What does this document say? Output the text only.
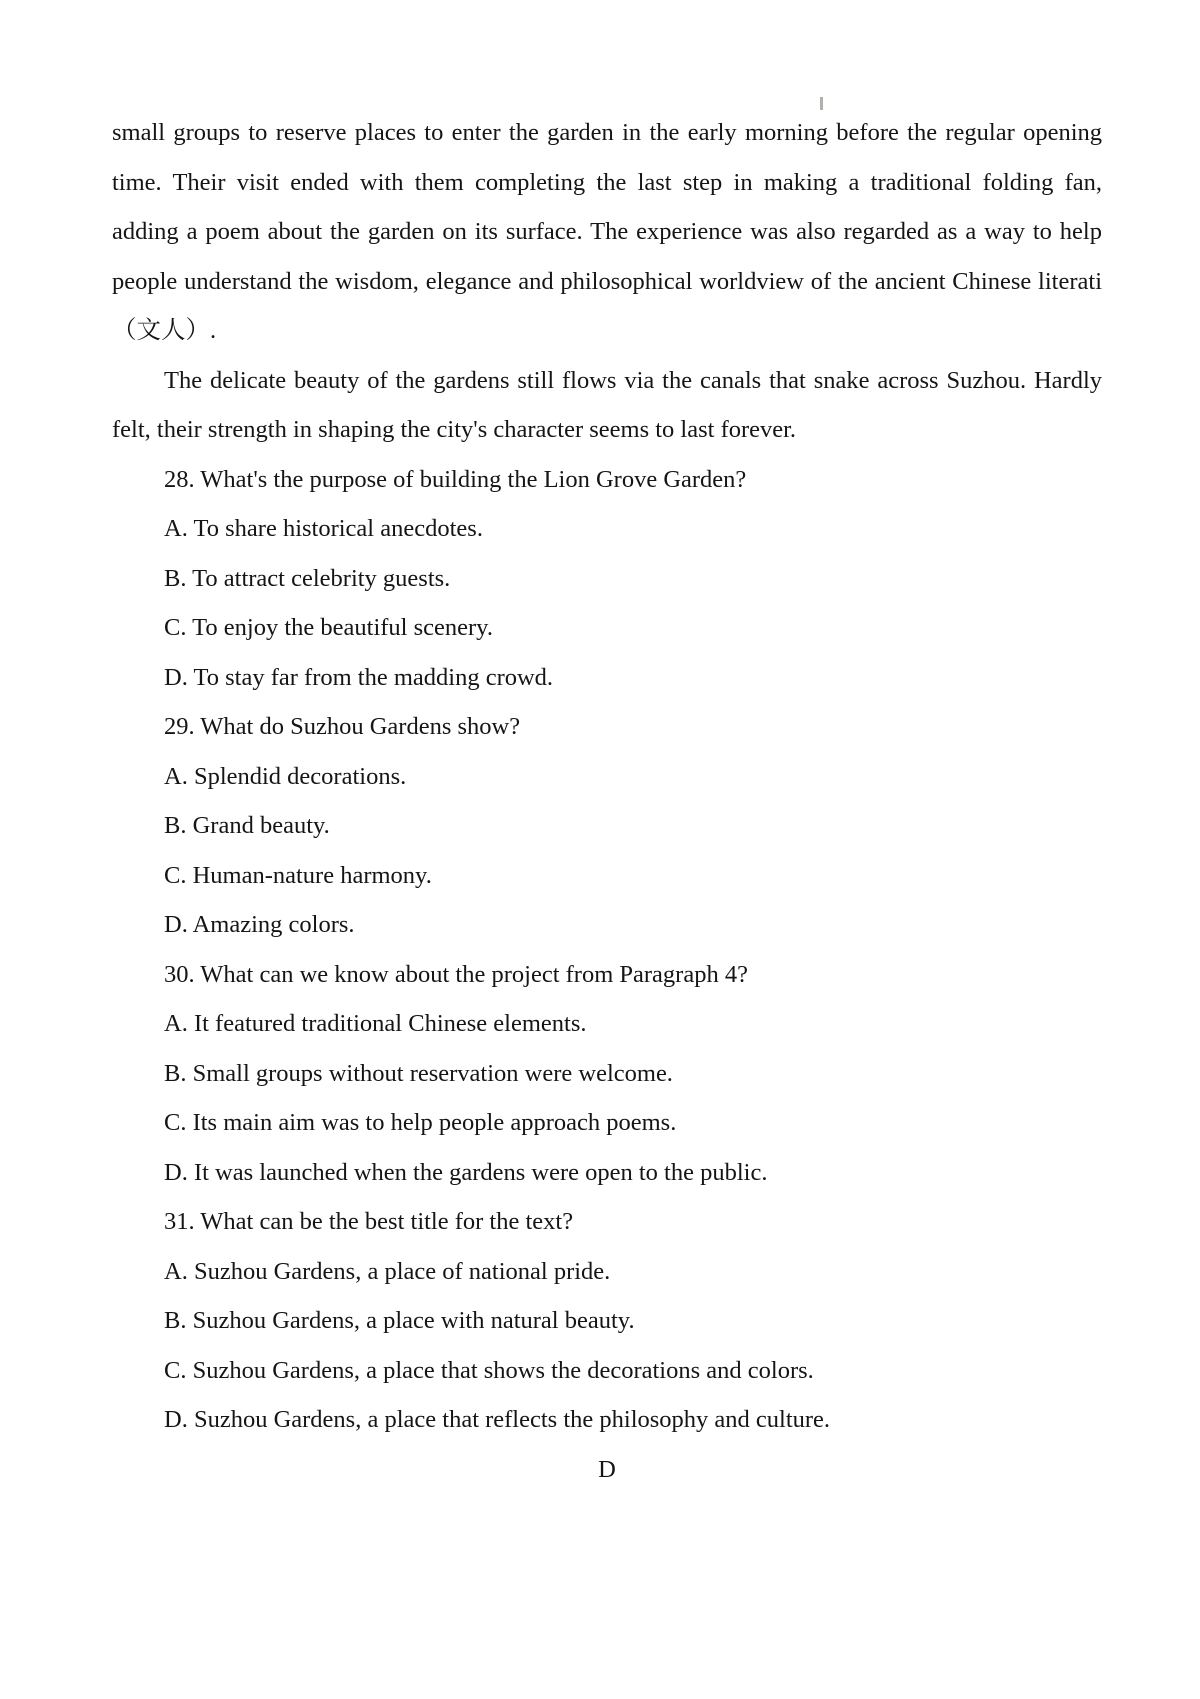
small groups to reserve places to enter the garden in the early morning before the regular opening
time. Their visit ended with them completing the last step in making a traditional folding fan,
adding a poem about the garden on its surface. The experience was also regarded as a way to help
people understand the wisdom, elegance and philosophical worldview of the ancient Chinese literati
（文人）.
The delicate beauty of the gardens still flows via the canals that snake across Suzhou. Hardly
felt, their strength in shaping the city's character seems to last forever.
28. What's the purpose of building the Lion Grove Garden?
A. To share historical anecdotes.
B. To attract celebrity guests.
C. To enjoy the beautiful scenery.
D. To stay far from the madding crowd.
29. What do Suzhou Gardens show?
A. Splendid decorations.
B. Grand beauty.
C. Human-nature harmony.
D. Amazing colors.
30. What can we know about the project from Paragraph 4?
A. It featured traditional Chinese elements.
B. Small groups without reservation were welcome.
C. Its main aim was to help people approach poems.
D. It was launched when the gardens were open to the public.
31. What can be the best title for the text?
A. Suzhou Gardens, a place of national pride.
B. Suzhou Gardens, a place with natural beauty.
C. Suzhou Gardens, a place that shows the decorations and colors.
D. Suzhou Gardens, a place that reflects the philosophy and culture.
D
